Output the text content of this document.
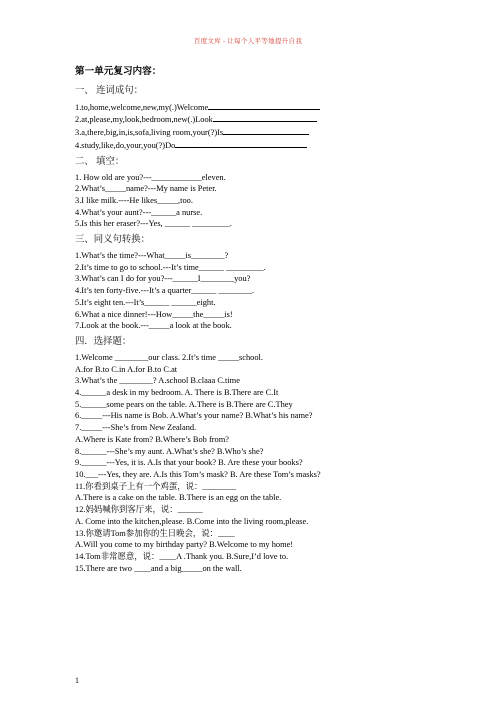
百度文库 - 让每个人平等地提升自我
第一单元复习内容：
一、 连词成句：
1.to,home,welcome,new,my(.)Welcome
2.at,please,my,look,bedroom,new(.)Look
3.a,there,big,in,is,sofa,living room,your(?)Is
4.study,like,do,your,you(?)Do
二、 填空：
1. How old are you?---____________eleven.
2.What’s_____name?---My name is Peter.
3.I like milk.----He likes_____,too.
4.What’s your aunt?---______a nurse.
5.Is this her eraser?---Yes, ______ _________.
三、同义句转换：
1.What’s the time?---What_____is________?
2.It’s time to go to school.---It’s time______ _________.
3.What’s can I do for you?---______I________you?
4.It’s ten forty-five.---It’s a quarter______ ________.
5.It’s eight ten.---It’s______ ______eight.
6.What a nice dinner!---How_____the_____is!
7.Look at the book.---_____a look at the book.
四．选择题：
1.Welcome ________our class. 2.It’s time _____school.
A.for B.to C.in A.for B.to C.at
3.What’s the ________? A.school B.claaa C.time
4.______a desk in my bedroom. A. There is B.There are C.It
5.______some pears on the table. A.There is B.There are C.They
6._____---His name is Bob. A.What’s your name? B.What’s his name?
7._____---She’s from New Zealand.
A.Where is Kate from? B.Where’s Bob from?
8.______---She’s my aunt. A.What’s she? B.Who’s she?
9.______---Yes, it is. A.Is that your book? B. Are these your books?
10.___---Yes, they are. A.Is this Tom’s mask? B. Are these Tom’s masks?
11.你看到桌子上有一个鸡蛋，说：________
A.There is a cake on the table. B.There is an egg on the table.
12.妈妈喊你到客厅来，说：______
A. Come into the kitchen,please. B.Come into the living room,please.
13.你邀请Tom参加你的生日晚会，说：____
A.Will you come to my birthday party? B.Welcome to my home!
14.Tom非常愿意，说：____A .Thank you. B.Sure,I’d love to.
15.There are two ____and a big_____on the wall.
1
